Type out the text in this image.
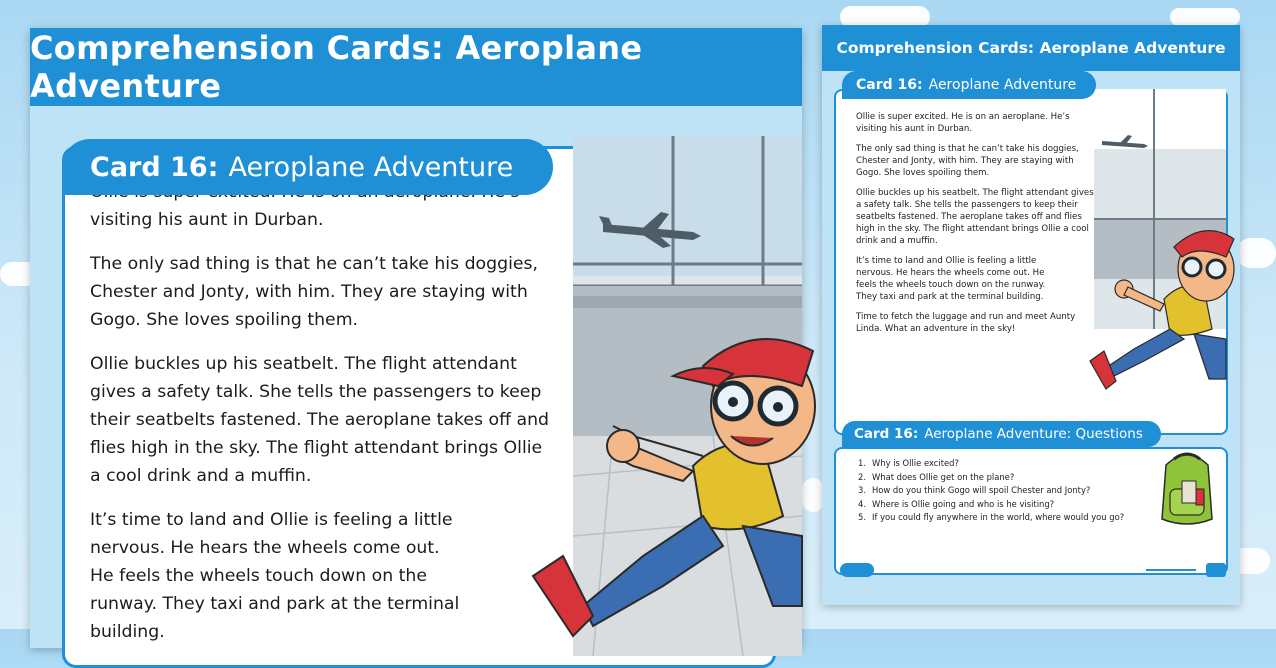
Comprehension Cards: Aeroplane Adventure
Card 16: Aeroplane Adventure

visiting his aunt in Durban.

The only sad thing is that he can’t take his doggies, Chester and Jonty, with him. They are staying with Gogo. She loves spoiling them.

Ollie buckles up his seatbelt. The flight attendant gives a safety talk. She tells the passengers to keep their seatbelts fastened. The aeroplane takes off and flies high in the sky. The flight attendant brings Ollie a cool drink and a muffin.

It’s time to land and Ollie is feeling a little nervous. He hears the wheels come out. He feels the wheels touch down on the runway. They taxi and park at the terminal building.

Comprehension Cards: Aeroplane Adventure
Card 16: Aeroplane Adventure

Ollie is super excited. He is on an aeroplane. He’s visiting his aunt in Durban.

The only sad thing is that he can’t take his doggies, Chester and Jonty, with him. They are staying with Gogo. She loves spoiling them.

Ollie buckles up his seatbelt. The flight attendant gives a safety talk. She tells the passengers to keep their seatbelts fastened. The aeroplane takes off and flies high in the sky. The flight attendant brings Ollie a cool drink and a muffin.

It’s time to land and Ollie is feeling a little nervous. He hears the wheels come out. He feels the wheels touch down on the runway. They taxi and park at the terminal building.

Time to fetch the luggage and run and meet Aunty Linda. What an adventure in the sky!

Card 16: Aeroplane Adventure: Questions
1. Why is Ollie excited?
2. What does Ollie get on the plane?
3. How do you think Gogo will spoil Chester and Jonty?
4. Where is Ollie going and who is he visiting?
5. If you could fly anywhere in the world, where would you go?
